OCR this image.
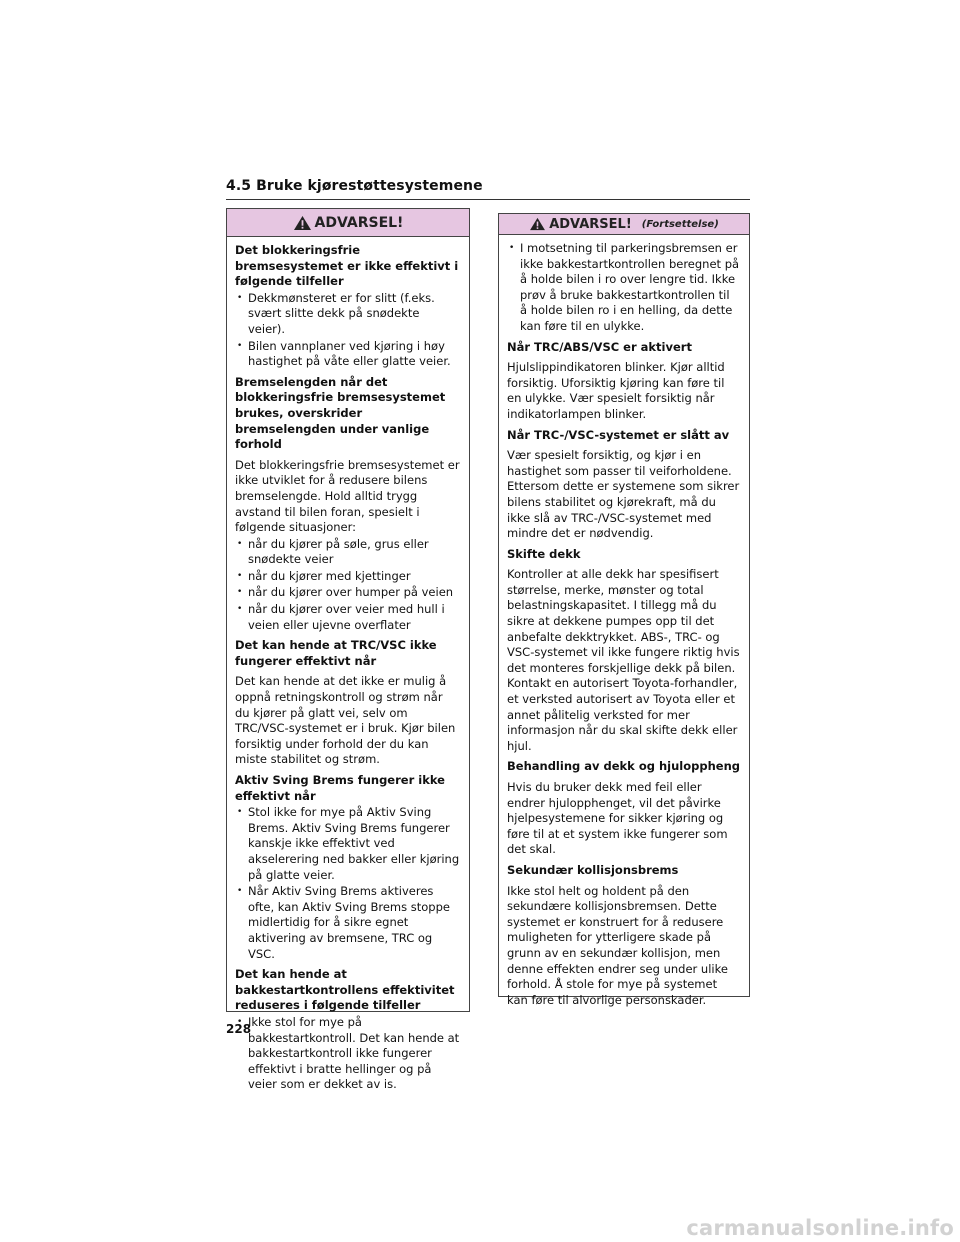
4.5 Bruke kjørestøttesystemene
ADVARSEL!
Det blokkeringsfrie bremsesystemet er ikke effektivt i følgende tilfeller
• Dekkmønsteret er for slitt (f.eks. svært slitte dekk på snødekte veier).
• Bilen vannplaner ved kjøring i høy hastighet på våte eller glatte veier.
Bremselengden når det blokkeringsfrie bremsesystemet brukes, overskrider bremselengden under vanlige forhold
Det blokkeringsfrie bremsesystemet er ikke utviklet for å redusere bilens bremselengde. Hold alltid trygg avstand til bilen foran, spesielt i følgende situasjoner:
• når du kjører på søle, grus eller snødekte veier
• når du kjører med kjettinger
• når du kjører over humper på veien
• når du kjører over veier med hull i veien eller ujevne overflater
Det kan hende at TRC/VSC ikke fungerer effektivt når
Det kan hende at det ikke er mulig å oppnå retningskontroll og strøm når du kjører på glatt vei, selv om TRC/VSC-systemet er i bruk. Kjør bilen forsiktig under forhold der du kan miste stabilitet og strøm.
Aktiv Sving Brems fungerer ikke effektivt når
• Stol ikke for mye på Aktiv Sving Brems. Aktiv Sving Brems fungerer kanskje ikke effektivt ved akselerering ned bakker eller kjøring på glatte veier.
• Når Aktiv Sving Brems aktiveres ofte, kan Aktiv Sving Brems stoppe midlertidig for å sikre egnet aktivering av bremsene, TRC og VSC.
Det kan hende at bakkestartkontrollens effektivitet reduseres i følgende tilfeller
• Ikke stol for mye på bakkestartkontroll. Det kan hende at bakkestartkontroll ikke fungerer effektivt i bratte hellinger og på veier som er dekket av is.
ADVARSEL! (Fortsettelse)
• I motsetning til parkeringsbremsen er ikke bakkestartkontrollen beregnet på å holde bilen i ro over lengre tid. Ikke prøv å bruke bakkestartkontrollen til å holde bilen ro i en helling, da dette kan føre til en ulykke.
Når TRC/ABS/VSC er aktivert
Hjulslippindikatoren blinker. Kjør alltid forsiktig. Uforsiktig kjøring kan føre til en ulykke. Vær spesielt forsiktig når indikatorlampen blinker.
Når TRC-/VSC-systemet er slått av
Vær spesielt forsiktig, og kjør i en hastighet som passer til veiforholdene. Ettersom dette er systemene som sikrer bilens stabilitet og kjørekraft, må du ikke slå av TRC-/VSC-systemet med mindre det er nødvendig.
Skifte dekk
Kontroller at alle dekk har spesifisert størrelse, merke, mønster og total belastningskapasitet. I tillegg må du sikre at dekkene pumpes opp til det anbefalte dekktrykket. ABS-, TRC- og VSC-systemet vil ikke fungere riktig hvis det monteres forskjellige dekk på bilen. Kontakt en autorisert Toyota-forhandler, et verksted autorisert av Toyota eller et annet pålitelig verksted for mer informasjon når du skal skifte dekk eller hjul.
Behandling av dekk og hjuloppheng
Hvis du bruker dekk med feil eller endrer hjulopphenget, vil det påvirke hjelpesystemene for sikker kjøring og føre til at et system ikke fungerer som det skal.
Sekundær kollisjonsbrems
Ikke stol helt og holdent på den sekundære kollisjonsbremsen. Dette systemet er konstruert for å redusere muligheten for ytterligere skade på grunn av en sekundær kollisjon, men denne effekten endrer seg under ulike forhold. Å stole for mye på systemet kan føre til alvorlige personskader.
228
carmanualsonline.info
